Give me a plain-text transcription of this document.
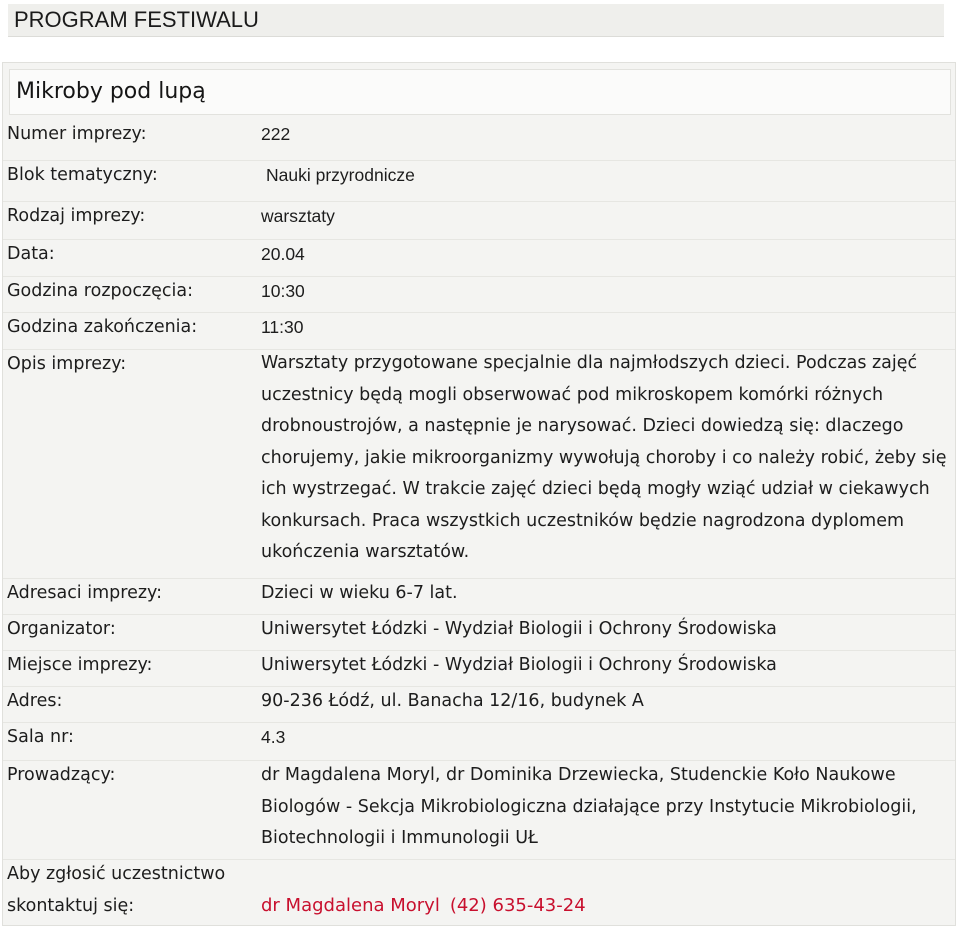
PROGRAM FESTIWALU
Mikroby pod lupą
Numer imprezy:	222
Blok tematyczny:	Nauki przyrodnicze
Rodzaj imprezy:	warsztaty
Data:	20.04
Godzina rozpoczęcia:	10:30
Godzina zakończenia:	11:30
Opis imprezy:	Warsztaty przygotowane specjalnie dla najmłodszych dzieci. Podczas zajęć uczestnicy będą mogli obserwować pod mikroskopem komórki różnych drobnoustrojów, a następnie je narysować. Dzieci dowiedzą się: dlaczego chorujemy, jakie mikroorganizmy wywołują choroby i co należy robić, żeby się ich wystrzegać. W trakcie zajęć dzieci będą mogły wziąć udział w ciekawych konkursach. Praca wszystkich uczestników będzie nagrodzona dyplomem ukończenia warsztatów.
Adresaci imprezy:	Dzieci w wieku 6-7 lat.
Organizator:	Uniwersytet Łódzki - Wydział Biologii i Ochrony Środowiska
Miejsce imprezy:	Uniwersytet Łódzki - Wydział Biologii i Ochrony Środowiska
Adres:	90-236 Łódź, ul. Banacha 12/16, budynek A
Sala nr:	4.3
Prowadzący:	dr Magdalena Moryl, dr Dominika Drzewiecka, Studenckie Koło Naukowe Biologów - Sekcja Mikrobiologiczna działające przy Instytucie Mikrobiologii, Biotechnologii i Immunologii UŁ
Aby zgłosić uczestnictwo
skontaktuj się:	dr Magdalena Moryl (42) 635-43-24
